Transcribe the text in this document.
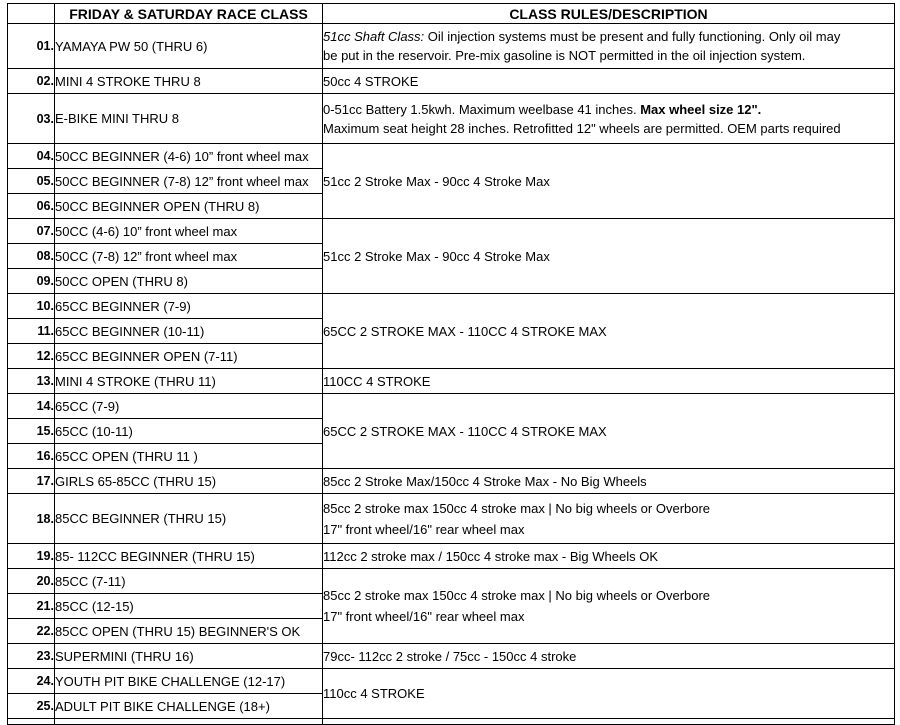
	FRIDAY & SATURDAY RACE CLASS	CLASS RULES/DESCRIPTION
01.	YAMAYA PW 50 (THRU 6)	51cc Shaft Class: Oil injection systems must be present and fully functioning. Only oil may
be put in the reservoir. Pre-mix gasoline is NOT permitted in the oil injection system.
02.	MINI 4 STROKE THRU 8	50cc 4 STROKE
03.	E-BIKE MINI THRU 8	0-51cc Battery 1.5kwh. Maximum weelbase 41 inches. Max wheel size 12".
Maximum seat height 28 inches. Retrofitted 12" wheels are permitted. OEM parts required
04.	50CC BEGINNER (4-6) 10” front wheel max	51cc 2 Stroke Max - 90cc 4 Stroke Max
05.	50CC BEGINNER (7-8) 12” front wheel max	
06.	50CC BEGINNER OPEN (THRU 8)	
07.	50CC (4-6) 10” front wheel max	51cc 2 Stroke Max - 90cc 4 Stroke Max
08.	50CC (7-8) 12” front wheel max	
09.	50CC OPEN (THRU 8)	
10.	65CC BEGINNER (7-9)	65CC 2 STROKE MAX - 110CC 4 STROKE MAX
11.	65CC BEGINNER (10-11)	
12.	65CC BEGINNER OPEN (7-11)	
13.	MINI 4 STROKE (THRU 11)	110CC 4 STROKE
14.	65CC (7-9)	65CC 2 STROKE MAX - 110CC 4 STROKE MAX
15.	65CC (10-11)	
16.	65CC OPEN (THRU 11 )	
17.	GIRLS 65-85CC (THRU 15)	85cc 2 Stroke Max/150cc 4 Stroke Max - No Big Wheels
18.	85CC BEGINNER (THRU 15)	85cc 2 stroke max 150cc 4 stroke max | No big wheels or Overbore
17" front wheel/16" rear wheel max
19.	85- 112CC BEGINNER (THRU 15)	112cc 2 stroke max / 150cc 4 stroke max - Big Wheels OK
20.	85CC (7-11)	85cc 2 stroke max 150cc 4 stroke max | No big wheels or Overbore
17" front wheel/16" rear wheel max
21.	85CC (12-15)	
22.	85CC OPEN (THRU 15) BEGINNER'S OK	
23.	SUPERMINI (THRU 16)	79cc- 112cc 2 stroke / 75cc - 150cc 4 stroke
24.	YOUTH PIT BIKE CHALLENGE (12-17)	110cc 4 STROKE
25.	ADULT PIT BIKE CHALLENGE (18+)	
